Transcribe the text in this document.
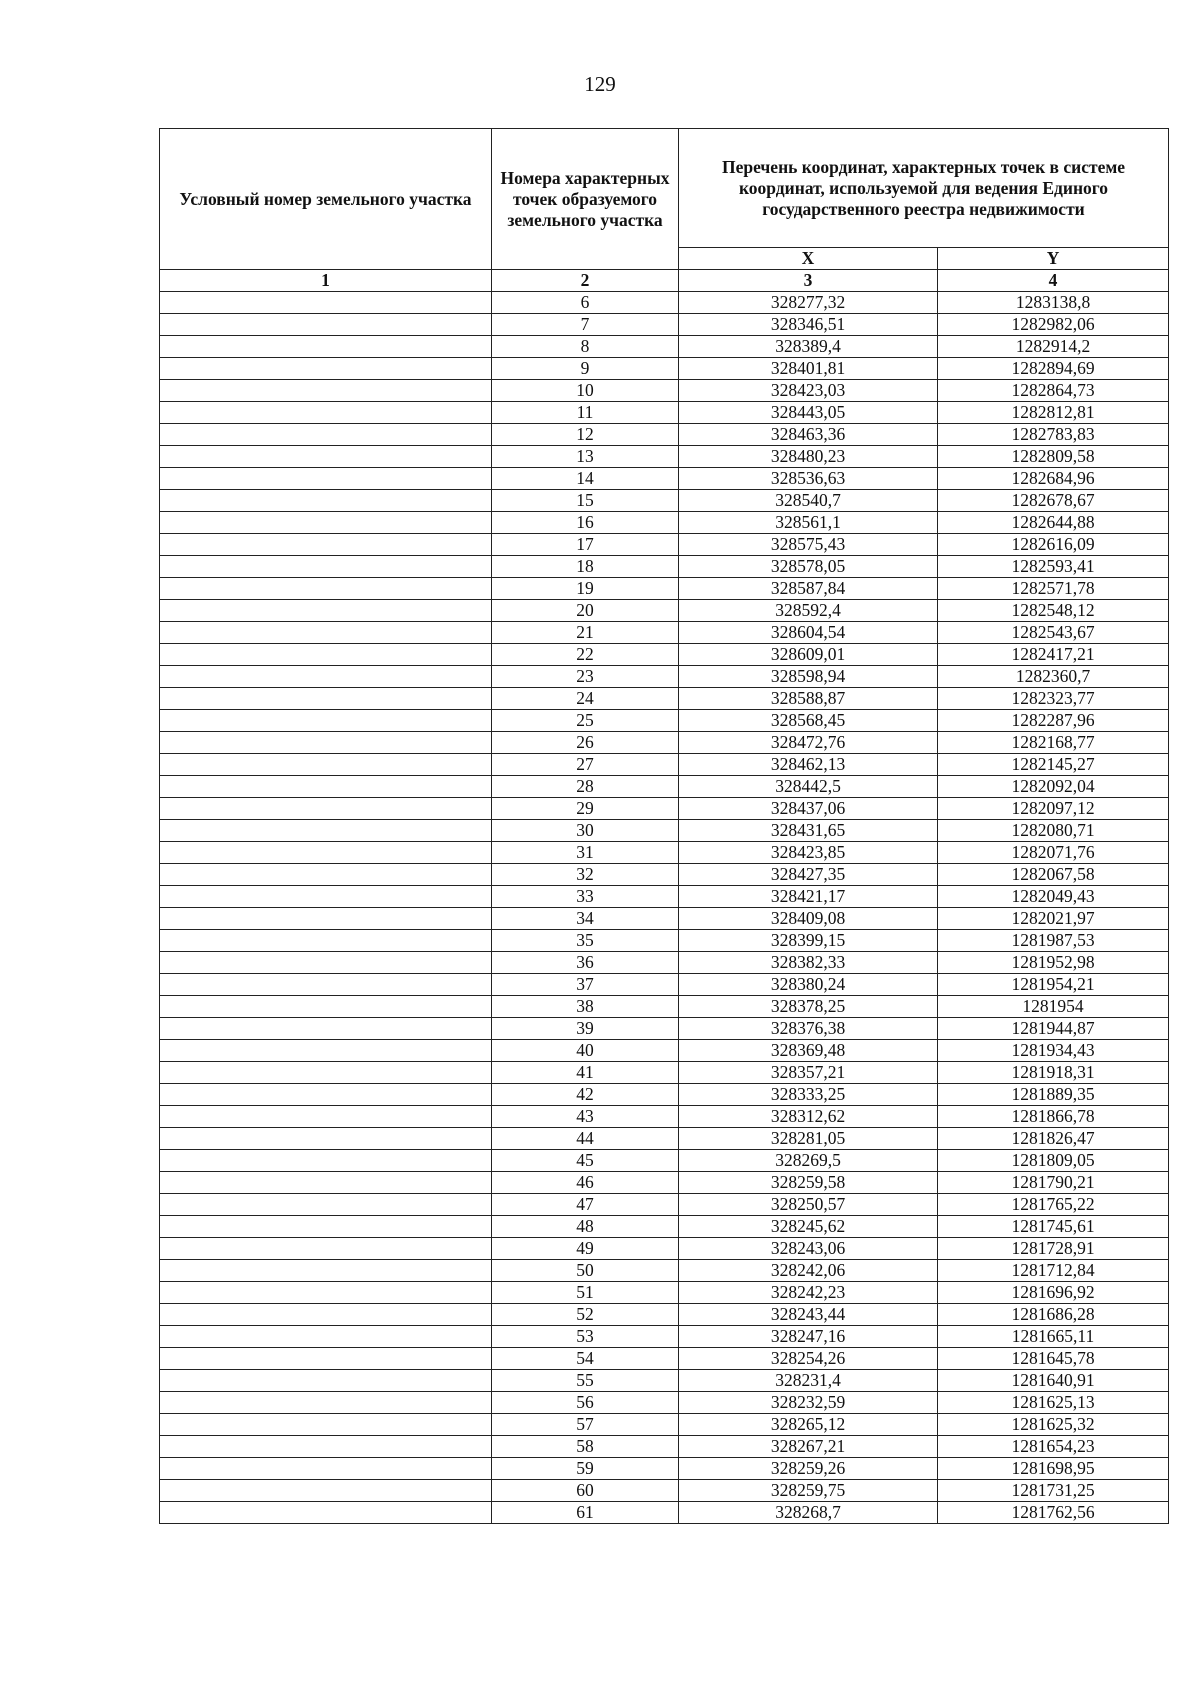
129
Условный номер земельного участка	Номера характерных точек образуемого земельного участка	Перечень координат, характерных точек в системе координат, используемой для ведения Единого государственного реестра недвижимости	
		X	Y
1	2	3	4
	6	328277,32	1283138,8
	7	328346,51	1282982,06
	8	328389,4	1282914,2
	9	328401,81	1282894,69
	10	328423,03	1282864,73
	11	328443,05	1282812,81
	12	328463,36	1282783,83
	13	328480,23	1282809,58
	14	328536,63	1282684,96
	15	328540,7	1282678,67
	16	328561,1	1282644,88
	17	328575,43	1282616,09
	18	328578,05	1282593,41
	19	328587,84	1282571,78
	20	328592,4	1282548,12
	21	328604,54	1282543,67
	22	328609,01	1282417,21
	23	328598,94	1282360,7
	24	328588,87	1282323,77
	25	328568,45	1282287,96
	26	328472,76	1282168,77
	27	328462,13	1282145,27
	28	328442,5	1282092,04
	29	328437,06	1282097,12
	30	328431,65	1282080,71
	31	328423,85	1282071,76
	32	328427,35	1282067,58
	33	328421,17	1282049,43
	34	328409,08	1282021,97
	35	328399,15	1281987,53
	36	328382,33	1281952,98
	37	328380,24	1281954,21
	38	328378,25	1281954
	39	328376,38	1281944,87
	40	328369,48	1281934,43
	41	328357,21	1281918,31
	42	328333,25	1281889,35
	43	328312,62	1281866,78
	44	328281,05	1281826,47
	45	328269,5	1281809,05
	46	328259,58	1281790,21
	47	328250,57	1281765,22
	48	328245,62	1281745,61
	49	328243,06	1281728,91
	50	328242,06	1281712,84
	51	328242,23	1281696,92
	52	328243,44	1281686,28
	53	328247,16	1281665,11
	54	328254,26	1281645,78
	55	328231,4	1281640,91
	56	328232,59	1281625,13
	57	328265,12	1281625,32
	58	328267,21	1281654,23
	59	328259,26	1281698,95
	60	328259,75	1281731,25
	61	328268,7	1281762,56
